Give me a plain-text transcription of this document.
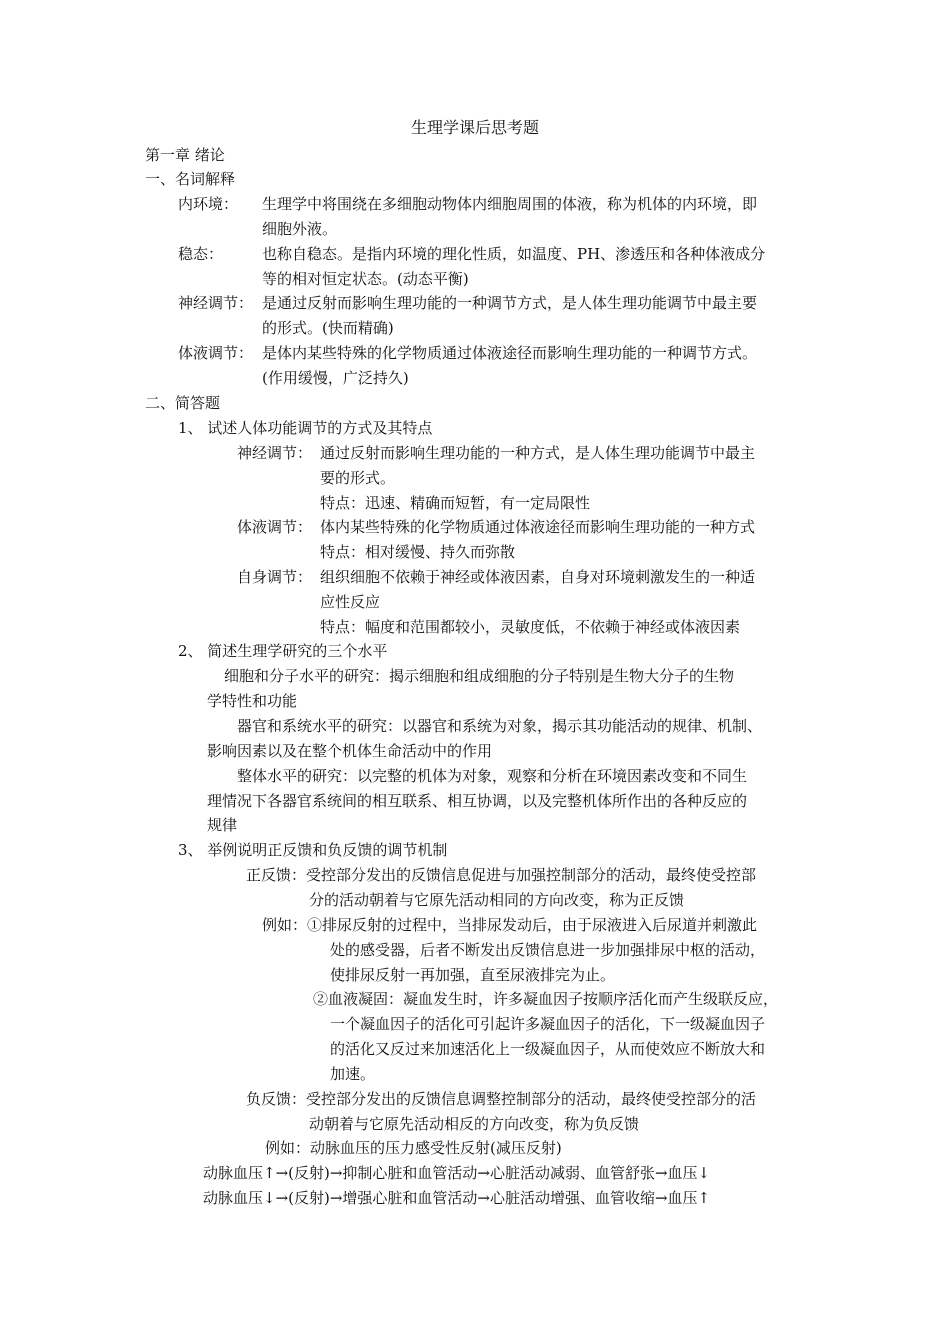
生理学课后思考题
第一章 绪论
一、名词解释
内环境： 生理学中将围绕在多细胞动物体内细胞周围的体液，称为机体的内环境，即
细胞外液。
稳态：	也称自稳态。是指内环境的理化性质，如温度、PH、渗透压和各种体液成分
等的相对恒定状态。(动态平衡)
神经调节： 是通过反射而影响生理功能的一种调节方式，是人体生理功能调节中最主要
的形式。(快而精确)
体液调节： 是体内某些特殊的化学物质通过体液途径而影响生理功能的一种调节方式。
(作用缓慢，广泛持久)
二、简答题
1、 试述人体功能调节的方式及其特点
神经调节： 通过反射而影响生理功能的一种方式，是人体生理功能调节中最主
要的形式。
特点：迅速、精确而短暂，有一定局限性
体液调节： 体内某些特殊的化学物质通过体液途径而影响生理功能的一种方式
特点：相对缓慢、持久而弥散
自身调节： 组织细胞不依赖于神经或体液因素，自身对环境刺激发生的一种适
应性反应
特点：幅度和范围都较小，灵敏度低，不依赖于神经或体液因素
2、 简述生理学研究的三个水平
细胞和分子水平的研究：揭示细胞和组成细胞的分子特别是生物大分子的生物
学特性和功能
器官和系统水平的研究：以器官和系统为对象，揭示其功能活动的规律、机制、
影响因素以及在整个机体生命活动中的作用
整体水平的研究：以完整的机体为对象，观察和分析在环境因素改变和不同生
理情况下各器官系统间的相互联系、相互协调，以及完整机体所作出的各种反应的
规律
3、 举例说明正反馈和负反馈的调节机制
正反馈：受控部分发出的反馈信息促进与加强控制部分的活动，最终使受控部
分的活动朝着与它原先活动相同的方向改变，称为正反馈
例如：①排尿反射的过程中，当排尿发动后，由于尿液进入后尿道并刺激此
处的感受器，后者不断发出反馈信息进一步加强排尿中枢的活动，
使排尿反射一再加强，直至尿液排完为止。
②血液凝固：凝血发生时，许多凝血因子按顺序活化而产生级联反应，
一个凝血因子的活化可引起许多凝血因子的活化，下一级凝血因子
的活化又反过来加速活化上一级凝血因子，从而使效应不断放大和
加速。
负反馈：受控部分发出的反馈信息调整控制部分的活动，最终使受控部分的活
动朝着与它原先活动相反的方向改变，称为负反馈
例如：动脉血压的压力感受性反射(减压反射)
动脉血压↑→(反射)→抑制心脏和血管活动→心脏活动减弱、血管舒张→血压↓
动脉血压↓→(反射)→增强心脏和血管活动→心脏活动增强、血管收缩→血压↑
